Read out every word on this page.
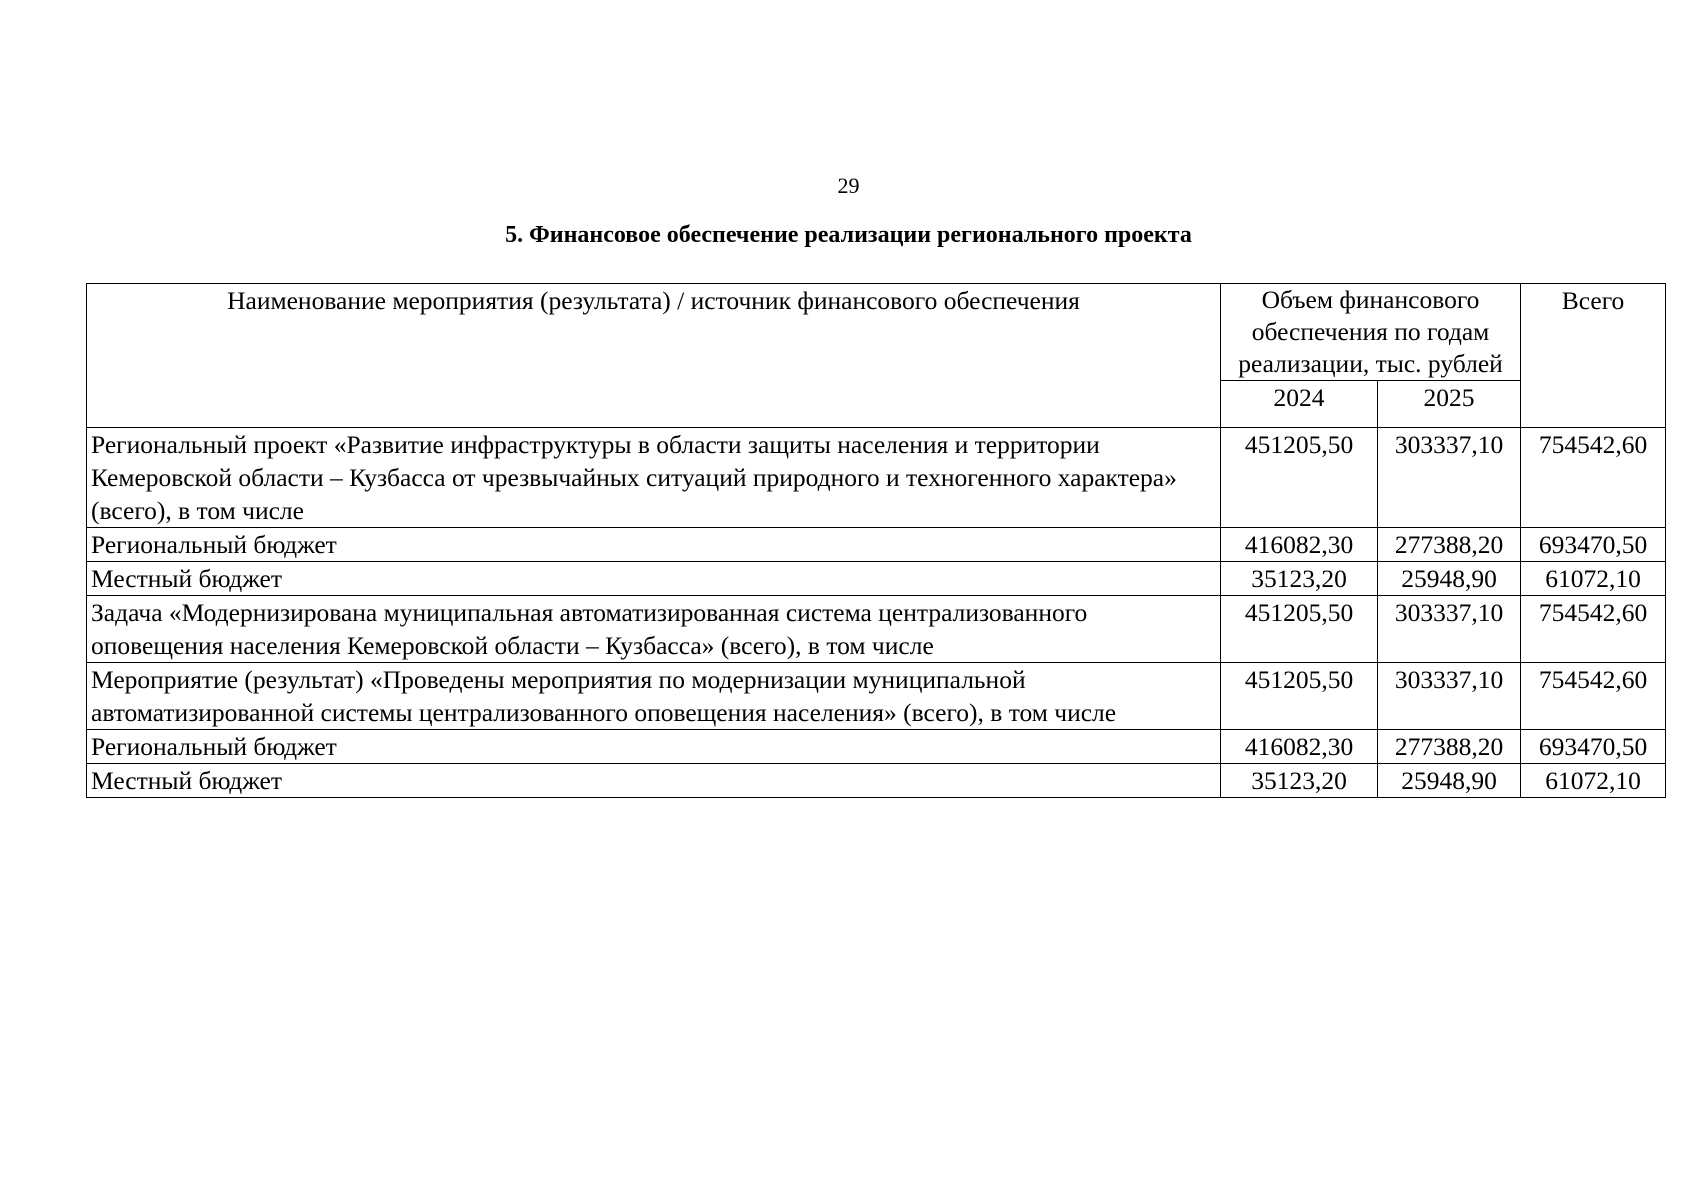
29
5. Финансовое обеспечение реализации регионального проекта
Наименование мероприятия (результата) / источник финансового обеспечения	Объем финансового обеспечения по годам реализации, тыс. рублей		Всего
	2024	2025	
Региональный проект «Развитие инфраструктуры в области защиты населения и территории Кемеровской области – Кузбасса от чрезвычайных ситуаций природного и техногенного характера» (всего), в том числе	451205,50	303337,10	754542,60
Региональный бюджет	416082,30	277388,20	693470,50
Местный бюджет	35123,20	25948,90	61072,10
Задача «Модернизирована муниципальная автоматизированная система централизованного оповещения населения Кемеровской области – Кузбасса» (всего), в том числе	451205,50	303337,10	754542,60
Мероприятие (результат) «Проведены мероприятия по модернизации муниципальной автоматизированной системы централизованного оповещения населения» (всего), в том числе	451205,50	303337,10	754542,60
Региональный бюджет	416082,30	277388,20	693470,50
Местный бюджет	35123,20	25948,90	61072,10
